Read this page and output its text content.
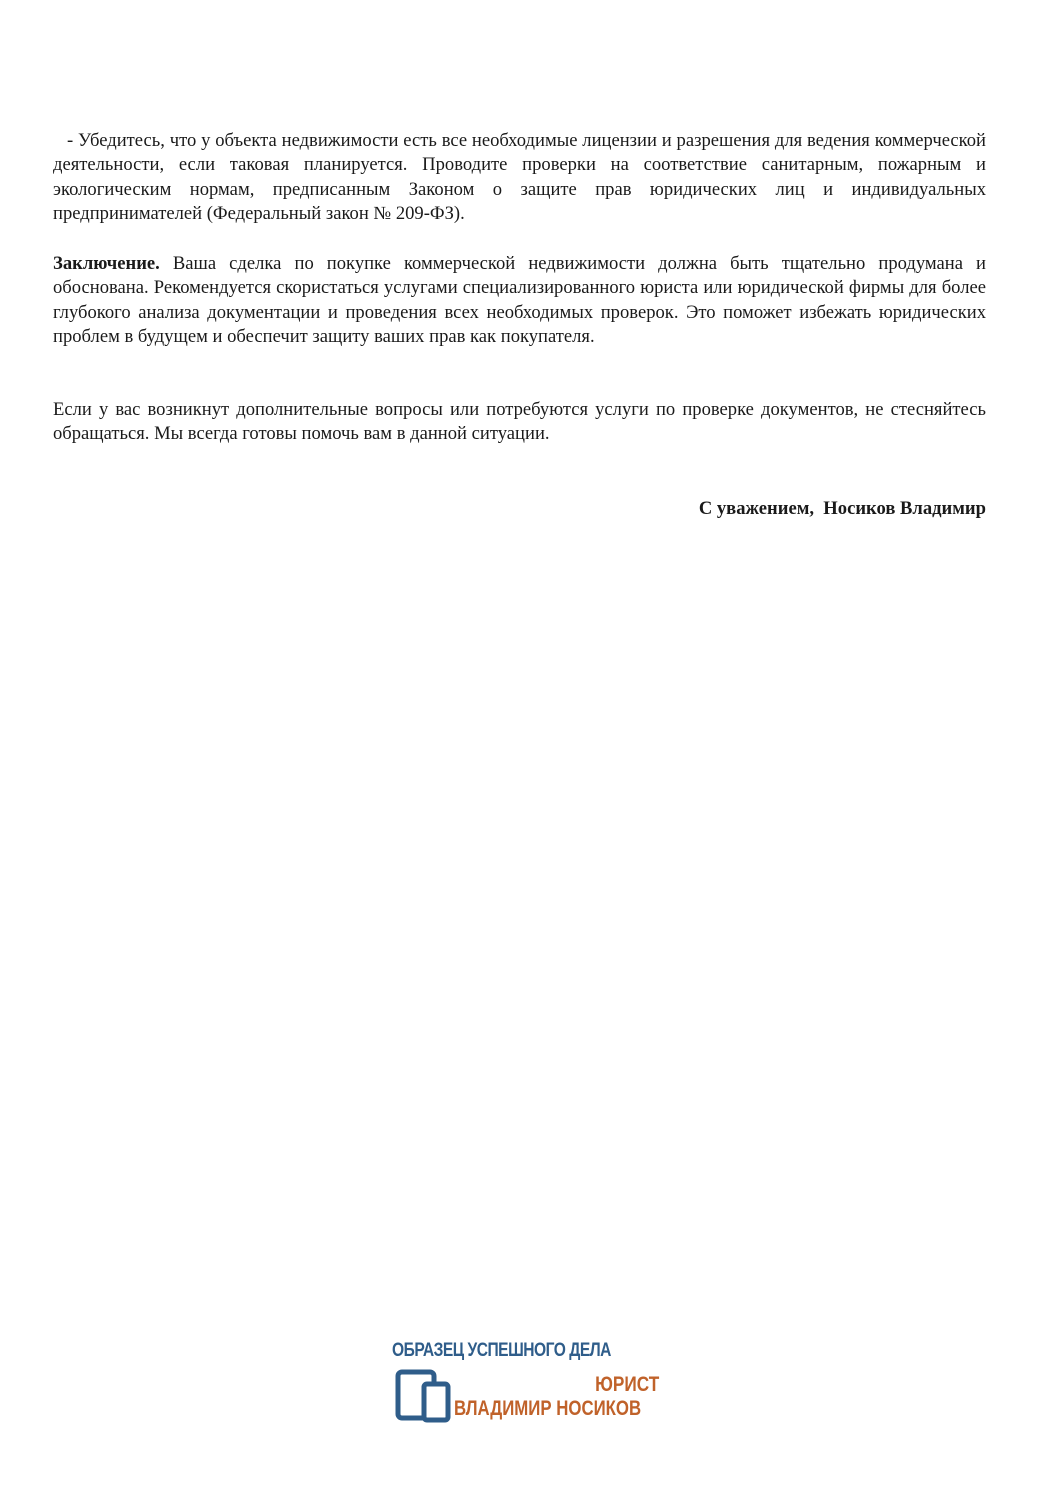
- Убедитесь, что у объекта недвижимости есть все необходимые лицензии и разрешения для ведения коммерческой деятельности, если таковая планируется. Проводите проверки на соответствие санитарным, пожарным и экологическим нормам, предписанным Законом о защите прав юридических лиц и индивидуальных предпринимателей (Федеральный закон № 209-ФЗ).

Заключение. Ваша сделка по покупке коммерческой недвижимости должна быть тщательно продумана и обоснована. Рекомендуется скористаться услугами специализированного юриста или юридической фирмы для более глубокого анализа документации и проведения всех необходимых проверок. Это поможет избежать юридических проблем в будущем и обеспечит защиту ваших прав как покупателя.

Если у вас возникнут дополнительные вопросы или потребуются услуги по проверке документов, не стесняйтесь обращаться. Мы всегда готовы помочь вам в данной ситуации.

С уважением,  Носиков Владимир

ОБРАЗЕЦ УСПЕШНОГО ДЕЛА
ЮРИСТ
ВЛАДИМИР НОСИКОВ
